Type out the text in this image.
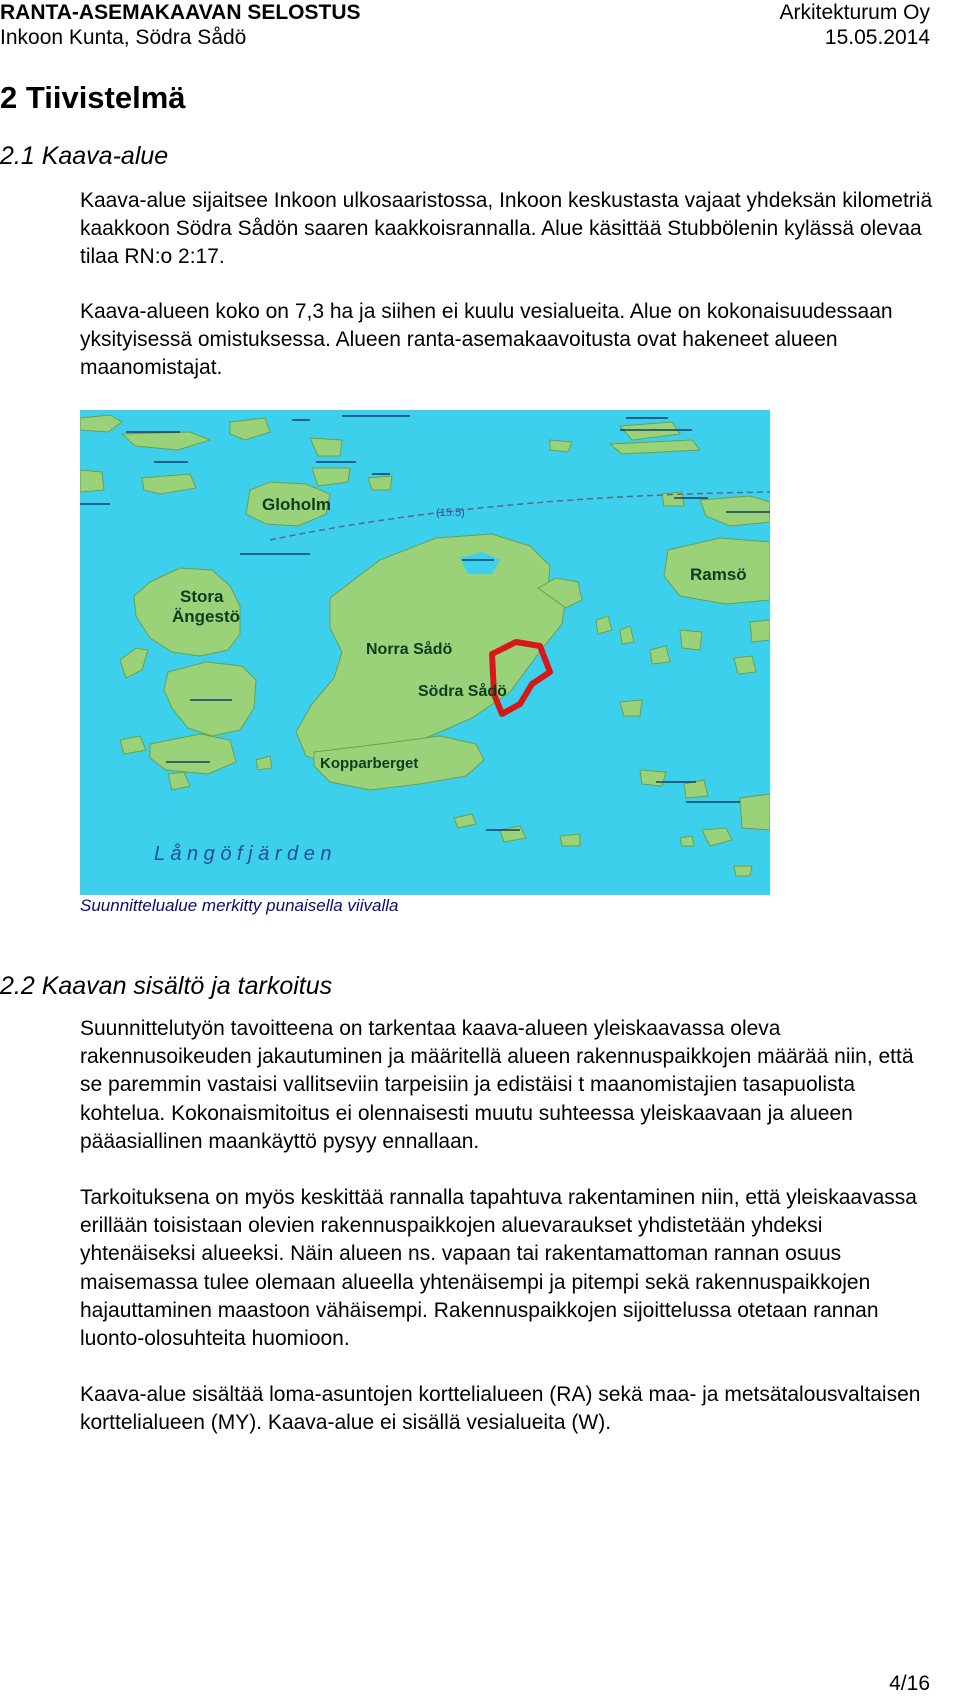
RANTA-ASEMAKAAVAN SELOSTUS
Inkoon Kunta, Södra Sådö
Arkitekturum Oy
15.05.2014
2 Tiivistelmä
2.1 Kaava-alue

Kaava-alue sijaitsee Inkoon ulkosaaristossa, Inkoon keskustasta vajaat yhdeksän kilometriä kaakkoon Södra Sådön saaren kaakkoisrannalla. Alue käsittää Stubbölenin kylässä olevaa tilaa RN:o 2:17.

Kaava-alueen koko on 7,3 ha ja siihen ei kuulu vesialueita. Alue on kokonaisuudessaan yksityisessä omistuksessa. Alueen ranta-asemakaavoitusta ovat hakeneet alueen maanomistajat.

(15.5)
Gloholm
Stora
Ängestö
Norra Sådö
Södra Sådö
Kopparberget
Ramsö
L å n g ö f j ä r d e n
Suunnittelualue merkitty punaisella viivalla
2.2 Kaavan sisältö ja tarkoitus

Suunnittelutyön tavoitteena on tarkentaa kaava-alueen yleiskaavassa oleva rakennusoikeuden jakautuminen ja määritellä alueen rakennuspaikkojen määrää niin, että se paremmin vastaisi vallitseviin tarpeisiin ja edistäisi t maanomistajien tasapuolista kohtelua. Kokonaismitoitus ei olennaisesti muutu suhteessa yleiskaavaan ja alueen pääasiallinen maankäyttö pysyy ennallaan.

Tarkoituksena on myös keskittää rannalla tapahtuva rakentaminen niin, että yleiskaavassa erillään toisistaan olevien rakennuspaikkojen aluevaraukset yhdistetään yhdeksi yhtenäiseksi alueeksi. Näin alueen ns. vapaan tai rakentamattoman rannan osuus maisemassa tulee olemaan alueella yhtenäisempi ja pitempi sekä rakennuspaikkojen hajauttaminen maastoon vähäisempi. Rakennuspaikkojen sijoittelussa otetaan rannan luonto-olosuhteita huomioon.

Kaava-alue sisältää loma-asuntojen korttelialueen (RA) sekä maa- ja metsätalousvaltaisen korttelialueen (MY). Kaava-alue ei sisällä vesialueita (W).

4/16
